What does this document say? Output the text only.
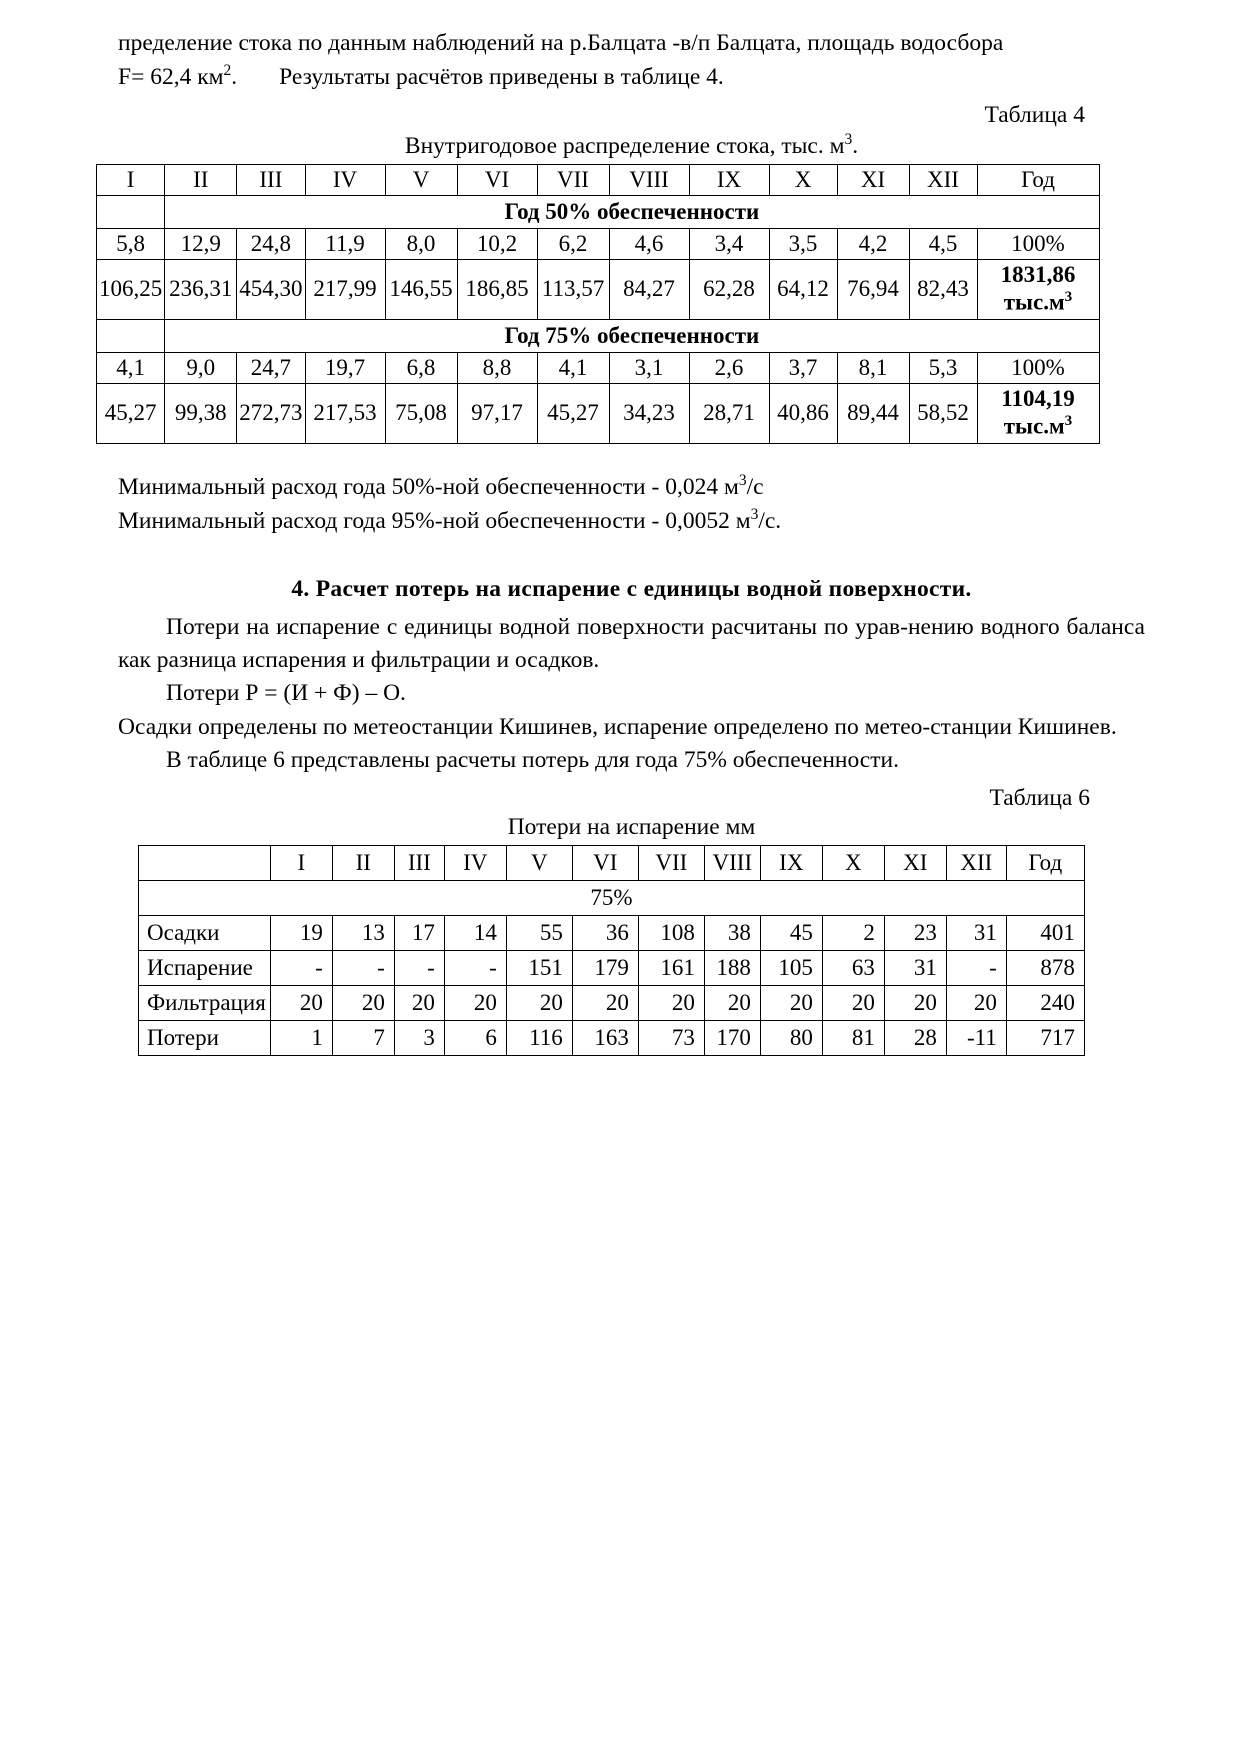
пределение стока по данным наблюдений на р.Балцата -в/п Балцата, площадь водосбора

F= 62,4 $км^2$. Результаты расчётов приведены в таблице 4.

Таблица 4
Внутригодовое распределение стока, тыс. $м^3$.
I	II	III	IV	V	VI	VII	VIII	IX	X	XI	XII	Год
	Год 50% обеспеченности											
5,8	12,9	24,8	11,9	8,0	10,2	6,2	4,6	3,4	3,5	4,2	4,5	100%
106,25	236,31	454,30	217,99	146,55	186,85	113,57	84,27	62,28	64,12	76,94	82,43	1831,86 $тыс.м^3$
	Год 75% обеспеченности											
4,1	9,0	24,7	19,7	6,8	8,8	4,1	3,1	2,6	3,7	8,1	5,3	100%
45,27	99,38	272,73	217,53	75,08	97,17	45,27	34,23	28,71	40,86	89,44	58,52	1104,19 $тыс.м^3$

Минимальный расход года 50%-ной обеспеченности - 0,024 $м^3/с$

Минимальный расход года 95%-ной обеспеченности - 0,0052 $м^3/с$.

4. Расчет потерь на испарение с единицы водной поверхности.

Потери на испарение с единицы водной поверхности расчитаны по урав-нению водного баланса как разница испарения и фильтрации и осадков.

Потери Р = (И + Ф) – О.

Осадки определены по метеостанции Кишинев, испарение определено по метео-станции Кишинев.

В таблице 6 представлены расчеты потерь для года 75% обеспеченности.

Таблица 6
Потери на испарение мм
	I	II	III	IV	V	VI	VII	VIII	IX	X	XI	XII	Год
75%													
Осадки	19	13	17	14	55	36	108	38	45	2	23	31	401
Испарение	-	-	-	-	151	179	161	188	105	63	31	-	878
Фильтрация	20	20	20	20	20	20	20	20	20	20	20	20	240
Потери	1	7	3	6	116	163	73	170	80	81	28	-11	717
